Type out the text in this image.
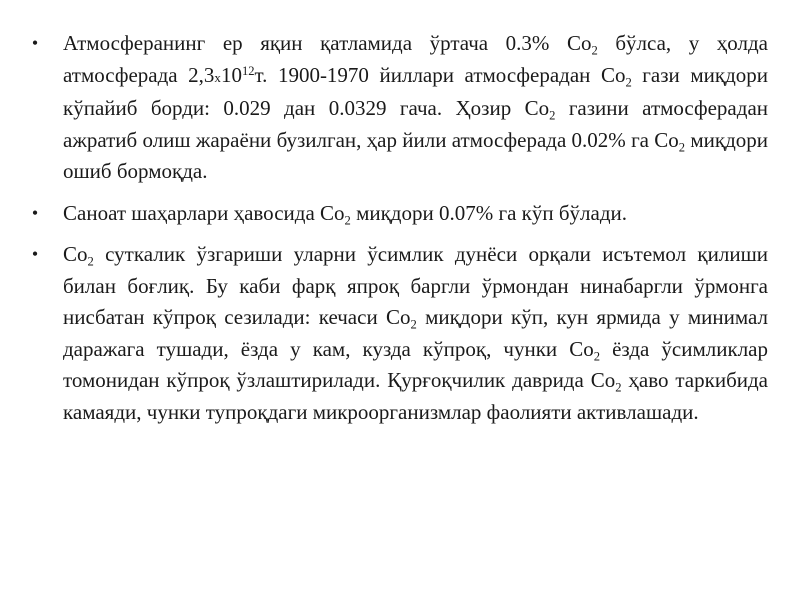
• Атмосферанинг ер яқин қатламида ўртача 0.3% $Со_2$ бўлса, у ҳолда атмосферада $2,3х10^{12}т$. 1900-1970 йиллари атмосферадан $Со_2$ гази миқдори кўпайиб борди: 0.029 дан 0.0329 гача. Ҳозир $Со_2$ газини атмосферадан ажратиб олиш жараёни бузилган, ҳар йили атмосферада 0.02% га $Со_2$ миқдори ошиб бормоқда.
• Саноат шаҳарлари ҳавосида $Со_2$ миқдори 0.07% га кўп бўлади.
• $Со_2$ суткалик ўзгариши уларни ўсимлик дунёси орқали исътемол қилиши билан боғлиқ. Бу каби фарқ япроқ баргли ўрмондан нинабаргли ўрмонга нисбатан кўпроқ сезилади: кечаси $Со_2$ миқдори кўп, кун ярмида у минимал даражага тушади, ёзда у кам, кузда кўпроқ, чунки $Со_2$ ёзда ўсимликлар томонидан кўпроқ ўзлаштирилади. Қурғоқчилик даврида $Со_2$ ҳаво таркибида камаяди, чунки тупроқдаги микроорганизмлар фаолияти активлашади.
